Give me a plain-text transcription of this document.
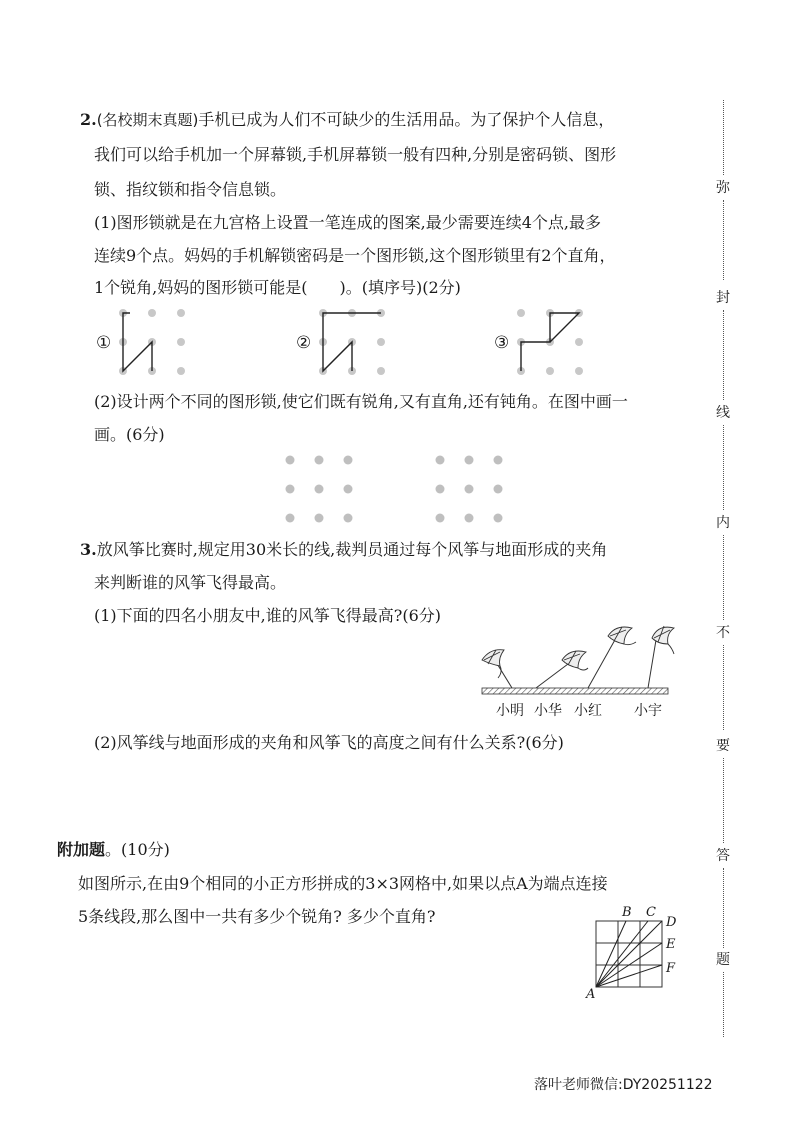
2.(名校期末真题)手机已成为人们不可缺少的生活用品。为了保护个人信息，
我们可以给手机加一个屏幕锁,手机屏幕锁一般有四种,分别是密码锁、图形
锁、指纹锁和指令信息锁。
(1)图形锁就是在九宫格上设置一笔连成的图案,最少需要连续4个点,最多
连续9个点。妈妈的手机解锁密码是一个图形锁,这个图形锁里有2个直角，
1个锐角,妈妈的图形锁可能是(　　)。(填序号)(2分)
①	②	③
(2)设计两个不同的图形锁,使它们既有锐角,又有直角,还有钝角。在图中画一
画。(6分)
3.放风筝比赛时,规定用30米长的线,裁判员通过每个风筝与地面形成的夹角
来判断谁的风筝飞得最高。
(1)下面的四名小朋友中,谁的风筝飞得最高?(6分)
小明 小华 小红 小宇
(2)风筝线与地面形成的夹角和风筝飞的高度之间有什么关系?(6分)
附加题。(10分)
如图所示,在由9个相同的小正方形拼成的3×3网格中,如果以点A为端点连接
5条线段,那么图中一共有多少个锐角? 多少个直角?
A
B C
D
E
F
弥
封
线
内
不
要
答
题
落叶老师微信:DY20251122
